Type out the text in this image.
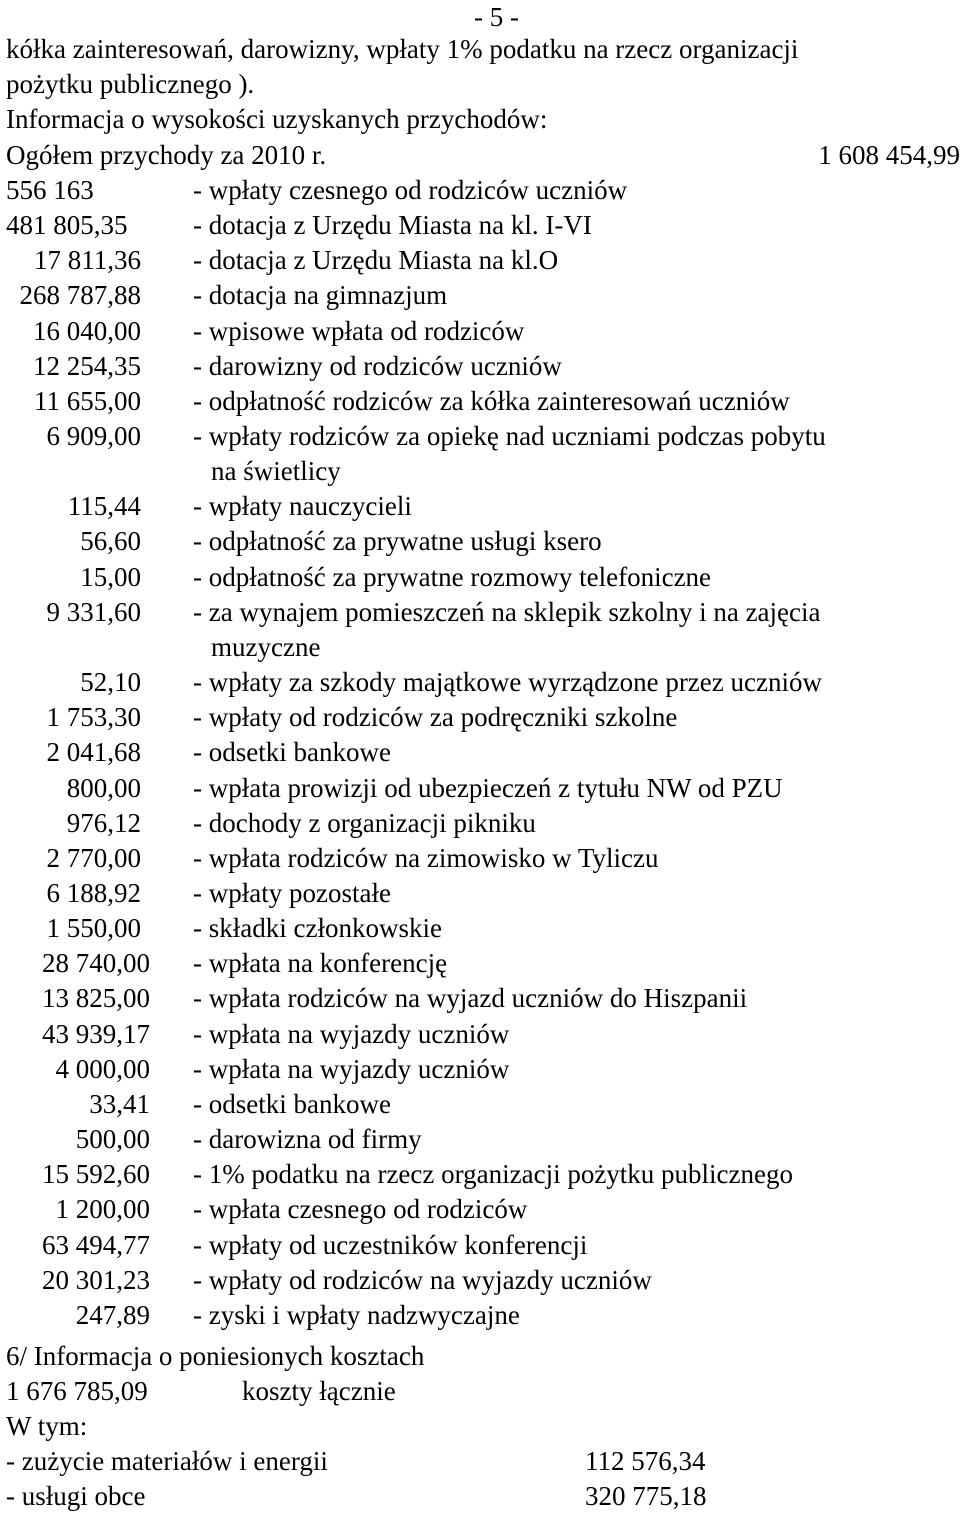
- 5 -
kółka zainteresowań, darowizny, wpłaty 1% podatku na rzecz organizacji
pożytku publicznego ).
Informacja o wysokości uzyskanych przychodów:
Ogółem przychody za 2010 r.	1 608 454,99
556 163	- wpłaty czesnego od rodziców uczniów
481 805,35 - dotacja z Urzędu Miasta na kl. I-VI
17 811,36 - dotacja z Urzędu Miasta na kl.O
268 787,88 - dotacja na gimnazjum
16 040,00 - wpisowe wpłata od rodziców
12 254,35 - darowizny od rodziców uczniów
11 655,00 - odpłatność rodziców za kółka zainteresowań uczniów
6 909,00 - wpłaty rodziców za opiekę nad uczniami podczas pobytu
na świetlicy
115,44 - wpłaty nauczycieli
56,60 - odpłatność za prywatne usługi ksero
15,00 - odpłatność za prywatne rozmowy telefoniczne
9 331,60 - za wynajem pomieszczeń na sklepik szkolny i na zajęcia
muzyczne
52,10 - wpłaty za szkody majątkowe wyrządzone przez uczniów
1 753,30 - wpłaty od rodziców za podręczniki szkolne
2 041,68 - odsetki bankowe
800,00 - wpłata prowizji od ubezpieczeń z tytułu NW od PZU
976,12 - dochody z organizacji pikniku
2 770,00 - wpłata rodziców na zimowisko w Tyliczu
6 188,92 - wpłaty pozostałe
1 550,00 - składki członkowskie
28 740,00 - wpłata na konferencję
13 825,00 - wpłata rodziców na wyjazd uczniów do Hiszpanii
43 939,17 - wpłata na wyjazdy uczniów
4 000,00 - wpłata na wyjazdy uczniów
33,41 - odsetki bankowe
500,00 - darowizna od firmy
15 592,60 - 1% podatku na rzecz organizacji pożytku publicznego
1 200,00 - wpłata czesnego od rodziców
63 494,77 - wpłaty od uczestników konferencji
20 301,23 - wpłaty od rodziców na wyjazdy uczniów
247,89 - zyski i wpłaty nadzwyczajne
6/ Informacja o poniesionych kosztach
1 676 785,09	koszty łącznie
W tym:
- zużycie materiałów i energii	112 576,34
- usługi obce	320 775,18
